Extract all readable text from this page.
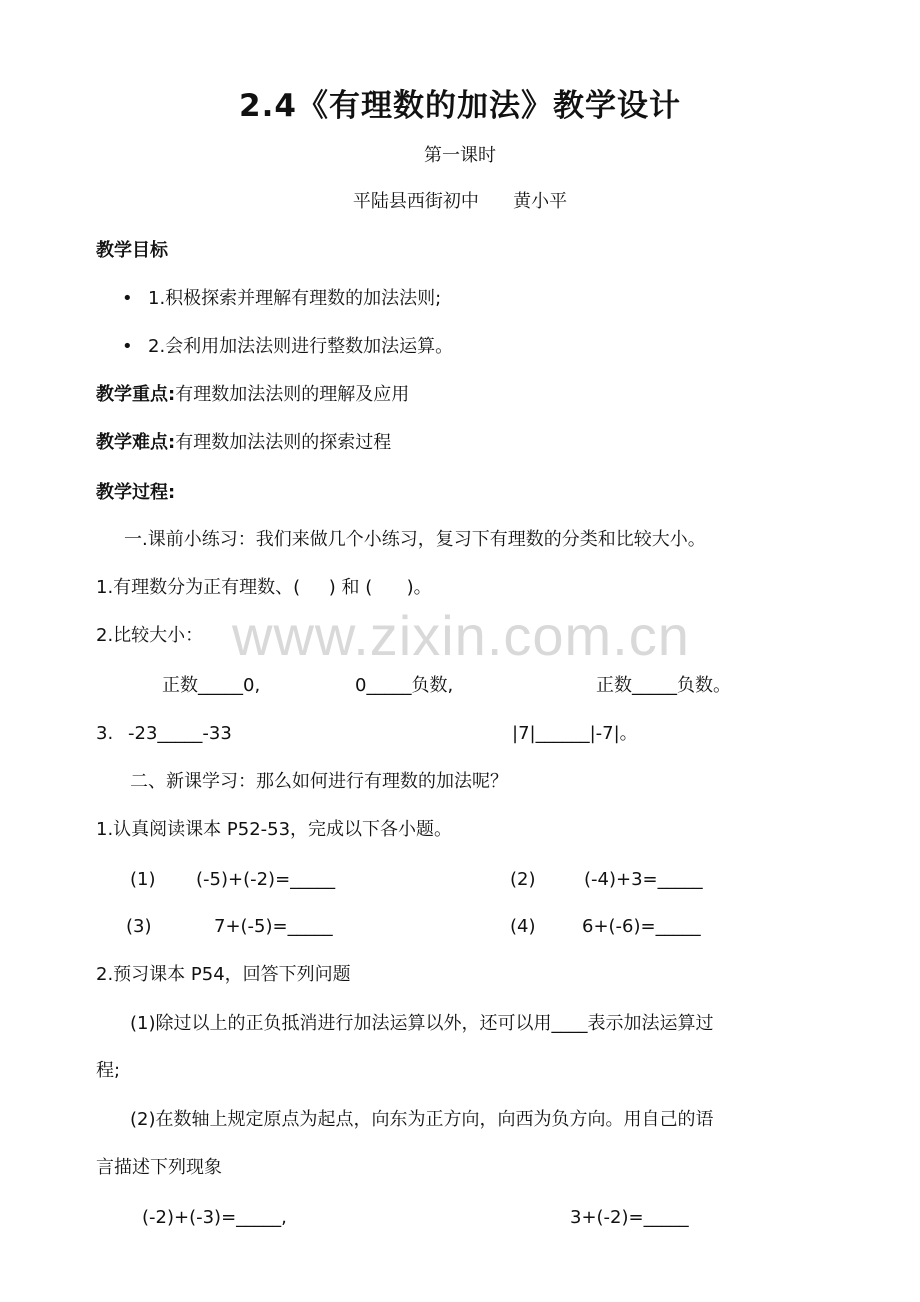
2.4《有理数的加法》教学设计
第一课时
平陆县西街初中      黄小平
教学目标
• 1.积极探索并理解有理数的加法法则;
• 2.会利用加法法则进行整数加法运算。
教学重点:有理数加法法则的理解及应用
教学难点:有理数加法法则的探索过程
教学过程:
一.课前小练习：我们来做几个小练习，复习下有理数的分类和比较大小。
1.有理数分为正有理数、(     ) 和 (      )。
2.比较大小： www.zixin.com.cn
正数_____0,	0_____负数,	正数_____负数。
3. -23_____-33	|7|______|-7|。
二、新课学习：那么如何进行有理数的加法呢？
1.认真阅读课本 P52-53，完成以下各小题。
(1) (-5)+(-2)=_____	(2)	(-4)+3=_____
(3)	7+(-5)=_____	(4)	6+(-6)=_____
2.预习课本 P54，回答下列问题
(1)除过以上的正负抵消进行加法运算以外，还可以用____表示加法运算过
程;
(2)在数轴上规定原点为起点，向东为正方向，向西为负方向。用自己的语
言描述下列现象
(-2)+(-3)=_____,	3+(-2)=_____
